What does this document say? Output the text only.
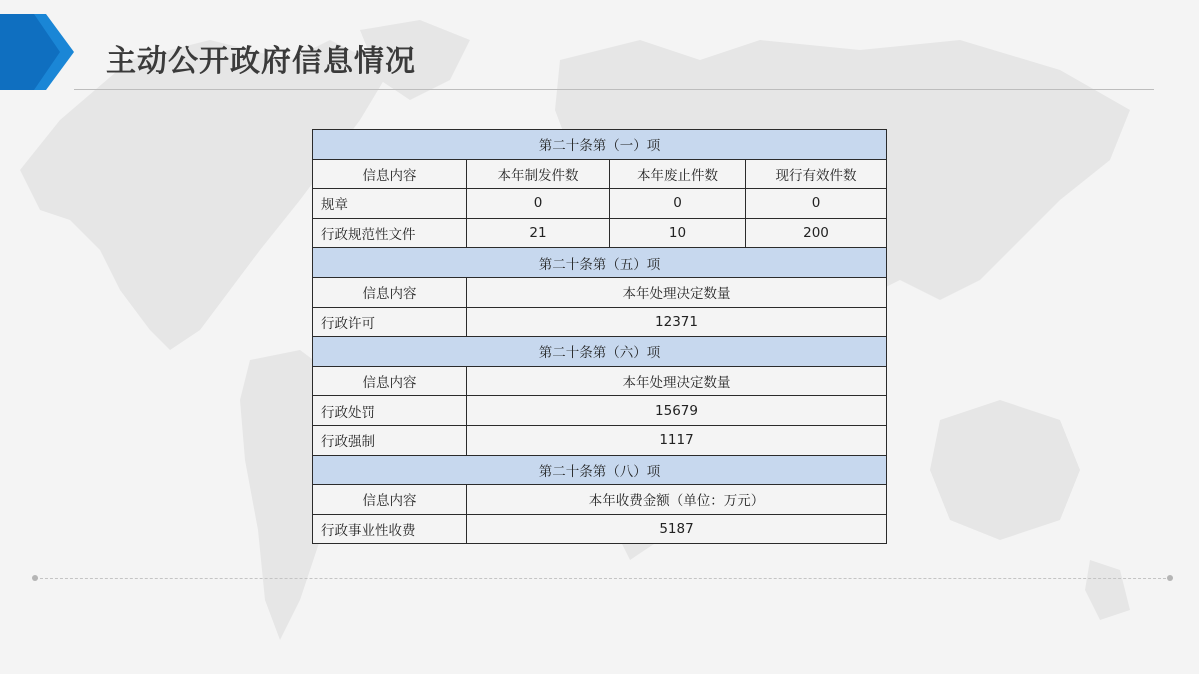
主动公开政府信息情况
第二十条第（一）项			
信息内容	本年制发件数	本年废止件数	现行有效件数
规章	0	0	0
行政规范性文件	21	10	200
第二十条第（五）项			
信息内容	本年处理决定数量		
行政许可	12371		
第二十条第（六）项			
信息内容	本年处理决定数量		
行政处罚	15679		
行政强制	1117		
第二十条第（八）项			
信息内容	本年收费金额（单位：万元）		
行政事业性收费	5187		
